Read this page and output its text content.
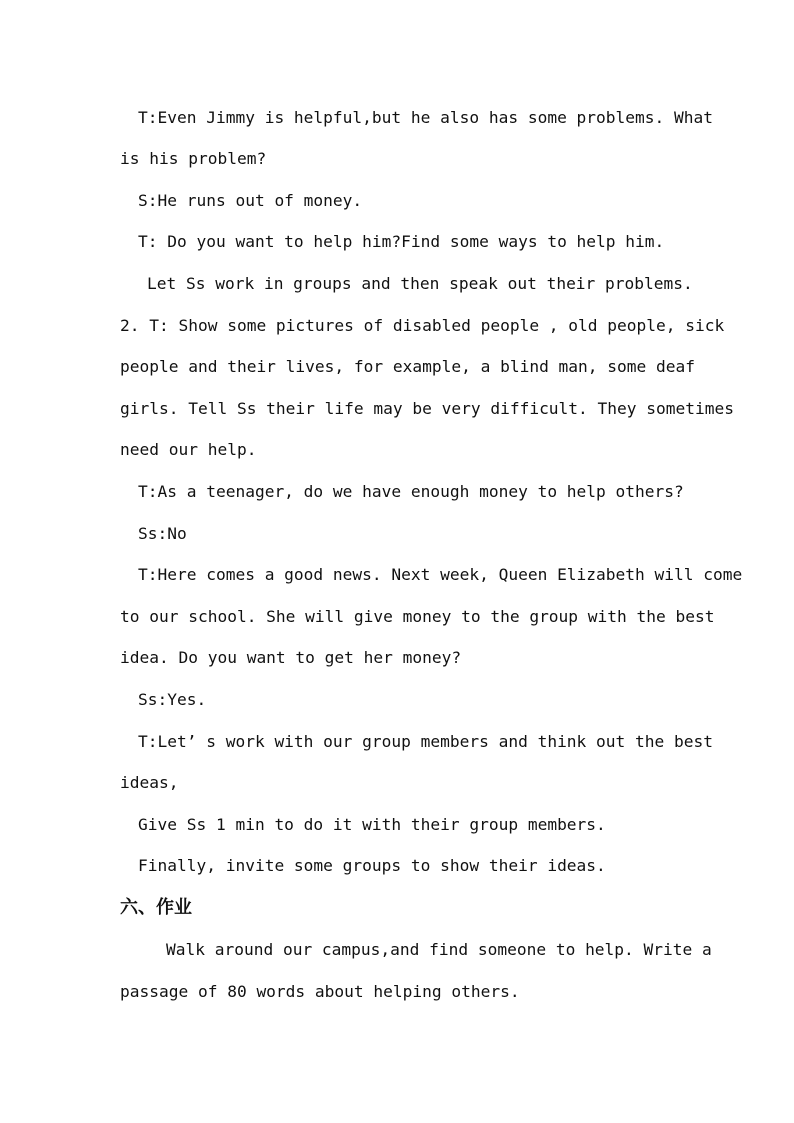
T:Even Jimmy is helpful,but he also has some problems. What
is his problem?
S:He runs out of money.
T: Do you want to help him?Find some ways to help him.
Let Ss work in groups and then speak out their problems.
2. T: Show some pictures of disabled people , old people, sick
people and their lives, for example, a blind man, some deaf
girls. Tell Ss their life may be very difficult. They sometimes
need our help.
T:As a teenager, do we have enough money to help others?
Ss:No
T:Here comes a good news. Next week, Queen Elizabeth will come
to our school. She will give money to the group with the best
idea. Do you want to get her money?
Ss:Yes.
T:Let’ s work with our group members and think out the best
ideas,
Give Ss 1 min to do it with their group members.
Finally, invite some groups to show their ideas.
六、作业
Walk around our campus,and find someone to help. Write a
passage of 80 words about helping others.
